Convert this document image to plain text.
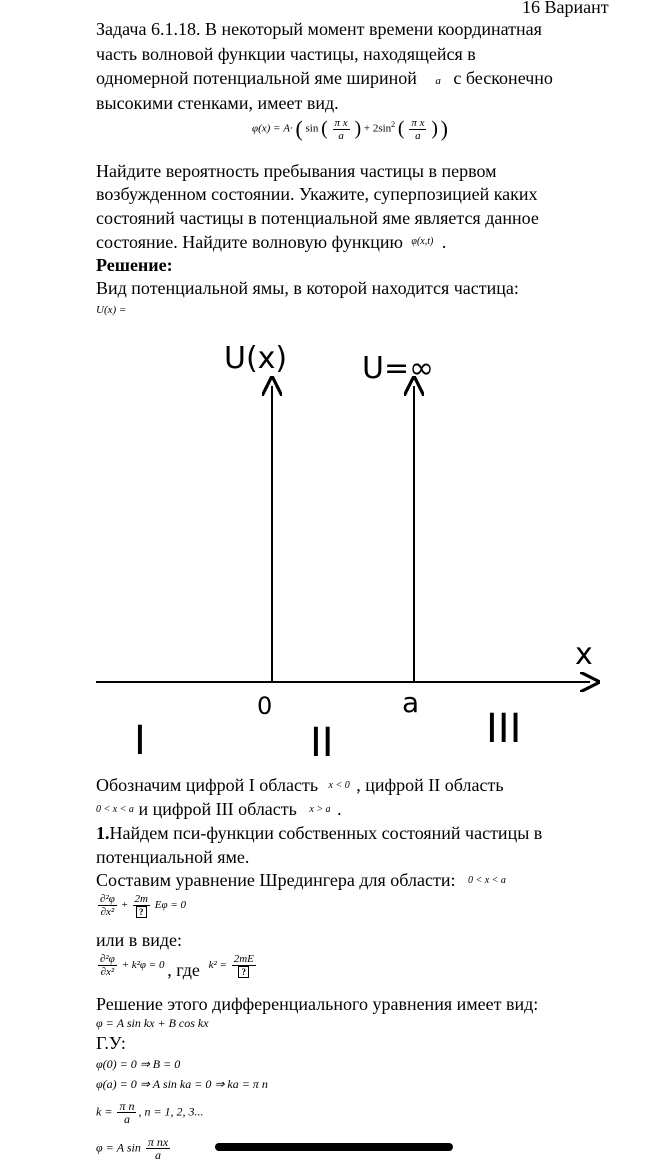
16 Вариант
Задача 6.1.18. В некоторый момент времени координатная
часть волновой функции частицы, находящейся в
одномерной потенциальной яме шириной a с бесконечно
высокими стенками, имеет вид.
φ(x) = A· ( sin ( $\frac{\text{π x}}{a}$ ) + $2\sin^2$ ( $\frac{\text{π x}}{a}$ ) )
Найдите вероятность пребывания частицы в первом
возбужденном состоянии. Укажите, суперпозицией каких
состояний частицы в потенциальной яме является данное
состояние. Найдите волновую функцию $^{\varphi(x,t)}$ .
Решение:
Вид потенциальной ямы, в которой находится частица:
U(x) =
U(x) U=∞
x
0	a
I	II	III
Обозначим цифрой I область x < 0 , цифрой II область
0 < x < a и цифрой III область x > a .
1.Найдем пси-функции собственных состояний частицы в
потенциальной яме.
Составим уравнение Шредингера для области: 0 < x < a
$\frac{\text{∂²φ}}{\text{∂x²}} + \frac{2m}{?}$ Eφ = 0
или в виде:
$\frac{\text{∂²φ}}{\text{∂x²}} + k^2\varphi = 0$ , где $k^2 = \frac{2mE}{?}$
Решение этого дифференциального уравнения имеет вид:
φ = A sin kx + B cos kx
Г.У:
φ(0) = 0 ⇒ B = 0
φ(a) = 0 ⇒ A sin ka = 0 ⇒ ka = π n
$k = \frac{\text{π n}}{a}$ , n = 1, 2, 3...
φ = A $\sin \frac{\text{π nx}}{a}$
